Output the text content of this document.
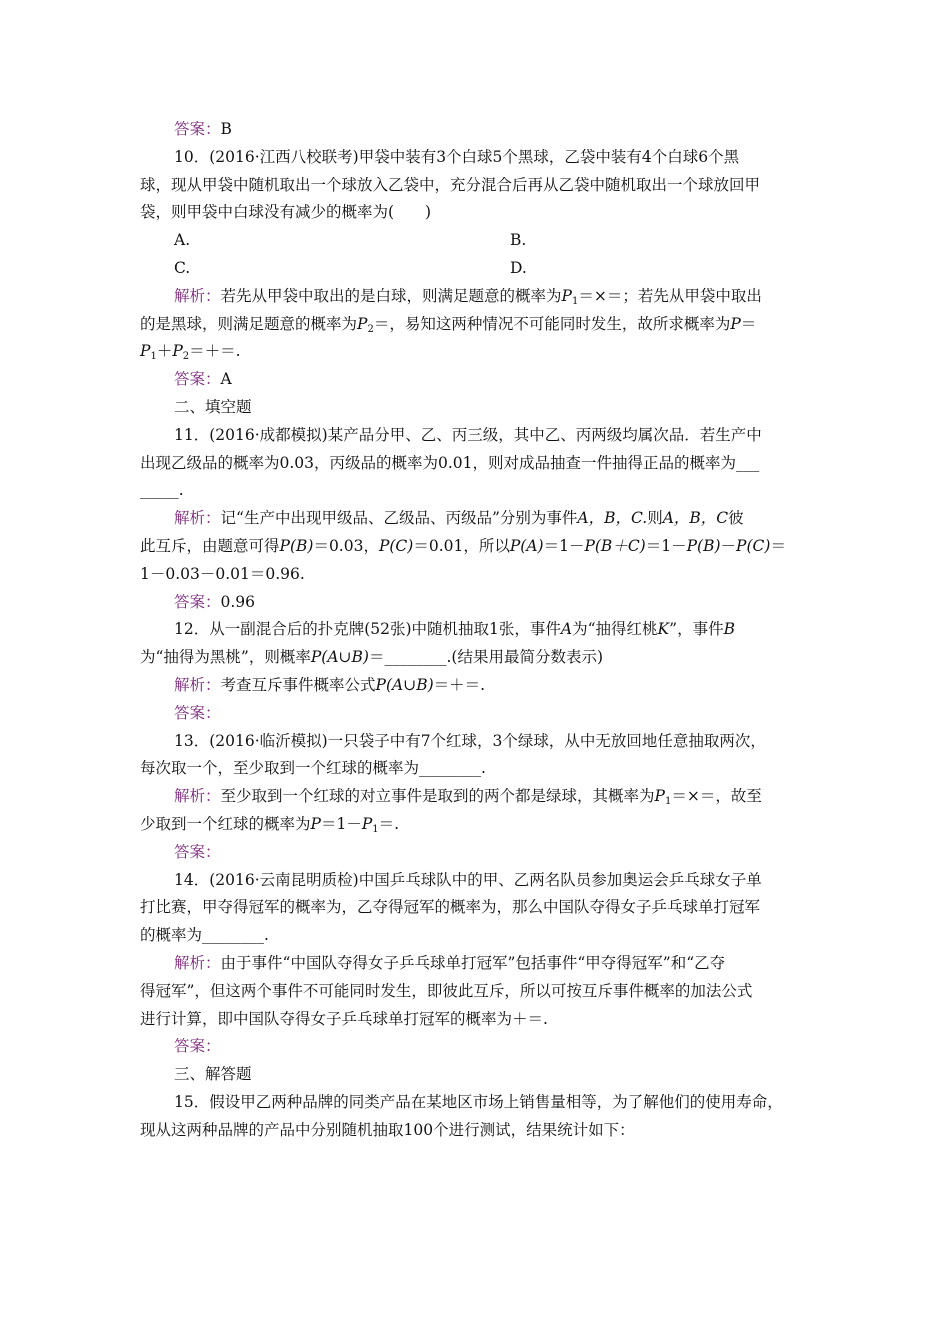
答案：B
10．(2016·江西八校联考)甲袋中装有3个白球5个黑球，乙袋中装有4个白球6个黑
球，现从甲袋中随机取出一个球放入乙袋中，充分混合后再从乙袋中随机取出一个球放回甲
袋，则甲袋中白球没有减少的概率为(　　)
A.	B.
C.	D.
解析：若先从甲袋中取出的是白球，则满足题意的概率为$P_1=\times=$；若先从甲袋中取出
的是黑球，则满足题意的概率为$P_2=$，易知这两种情况不可能同时发生，故所求概率为P＝
$P_1+P_2=+=$.
答案：A
二、填空题
11．(2016·成都模拟)某产品分甲、乙、丙三级，其中乙、丙两级均属次品．若生产中
出现乙级品的概率为0.03，丙级品的概率为0.01，则对成品抽查一件抽得正品的概率为___
_____.
解析：记“生产中出现甲级品、乙级品、丙级品”分别为事件A，B，C.则A，B，C彼
此互斥，由题意可得P(B)＝0.03，P(C)＝0.01，所以P(A)＝1－P(B＋C)＝1－P(B)－P(C)＝
1－0.03－0.01＝0.96.
答案：0.96
12．从一副混合后的扑克牌(52张)中随机抽取1张，事件A为“抽得红桃K”，事件B
为“抽得为黑桃”，则概率P(A∪B)＝________.(结果用最简分数表示)
解析：考查互斥事件概率公式P(A∪B)＝＋＝.
答案：
13．(2016·临沂模拟)一只袋子中有7个红球，3个绿球，从中无放回地任意抽取两次，
每次取一个，至少取到一个红球的概率为________.
解析：至少取到一个红球的对立事件是取到的两个都是绿球，其概率为$P_1=\times=$，故至
少取到一个红球的概率为$P=1-P_1=$.
答案：
14．(2016·云南昆明质检)中国乒乓球队中的甲、乙两名队员参加奥运会乒乓球女子单
打比赛，甲夺得冠军的概率为，乙夺得冠军的概率为，那么中国队夺得女子乒乓球单打冠军
的概率为________.
解析：由于事件“中国队夺得女子乒乓球单打冠军”包括事件“甲夺得冠军”和“乙夺
得冠军”，但这两个事件不可能同时发生，即彼此互斥，所以可按互斥事件概率的加法公式
进行计算，即中国队夺得女子乒乓球单打冠军的概率为＋＝.
答案：
三、解答题
15．假设甲乙两种品牌的同类产品在某地区市场上销售量相等，为了解他们的使用寿命，
现从这两种品牌的产品中分别随机抽取100个进行测试，结果统计如下：
